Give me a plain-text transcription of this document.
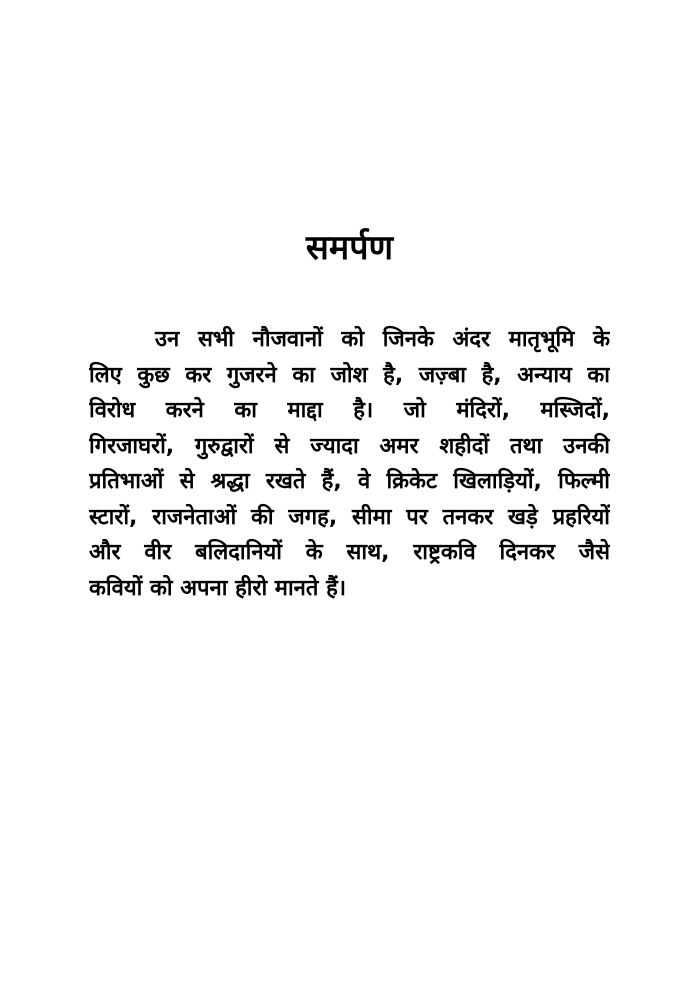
समर्पण
उन सभी नौजवानों को जिनके अंदर मातृभूमि के
लिए कुछ कर गुजरने का जोश है, जज़्बा है, अन्याय का
विरोध करने का माद्दा है। जो मंदिरों, मस्जिदों,
गिरजाघरों, गुरुद्वारों से ज्यादा अमर शहीदों तथा उनकी
प्रतिभाओं से श्रद्धा रखते हैं, वे क्रिकेट खिलाड़ियों, फिल्मी
स्टारों, राजनेताओं की जगह, सीमा पर तनकर खड़े प्रहरियों
और वीर बलिदानियों के साथ, राष्ट्रकवि दिनकर जैसे
कवियों को अपना हीरो मानते हैं।
